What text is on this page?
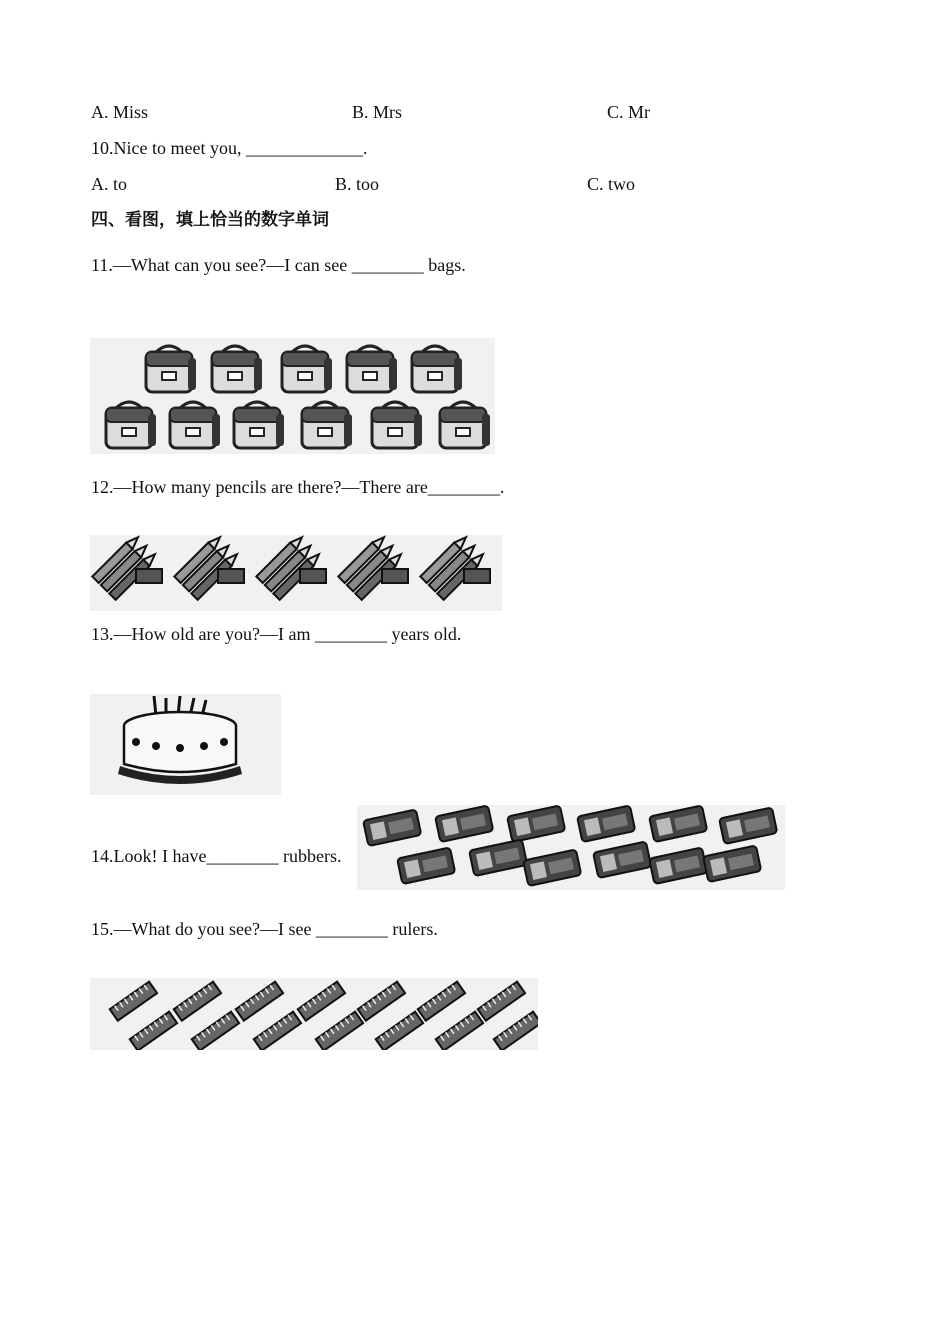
A. Miss	B. Mrs	C. Mr
10.Nice to meet you, _____________.
A. to	B. too	C. two
四、看图，填上恰当的数字单词
11.—What can you see?—I can see ________ bags.
12.—How many pencils are there?—There are________.
13.—How old are you?—I am ________ years old.
14.Look! I have________ rubbers.
15.—What do you see?—I see ________ rulers.
